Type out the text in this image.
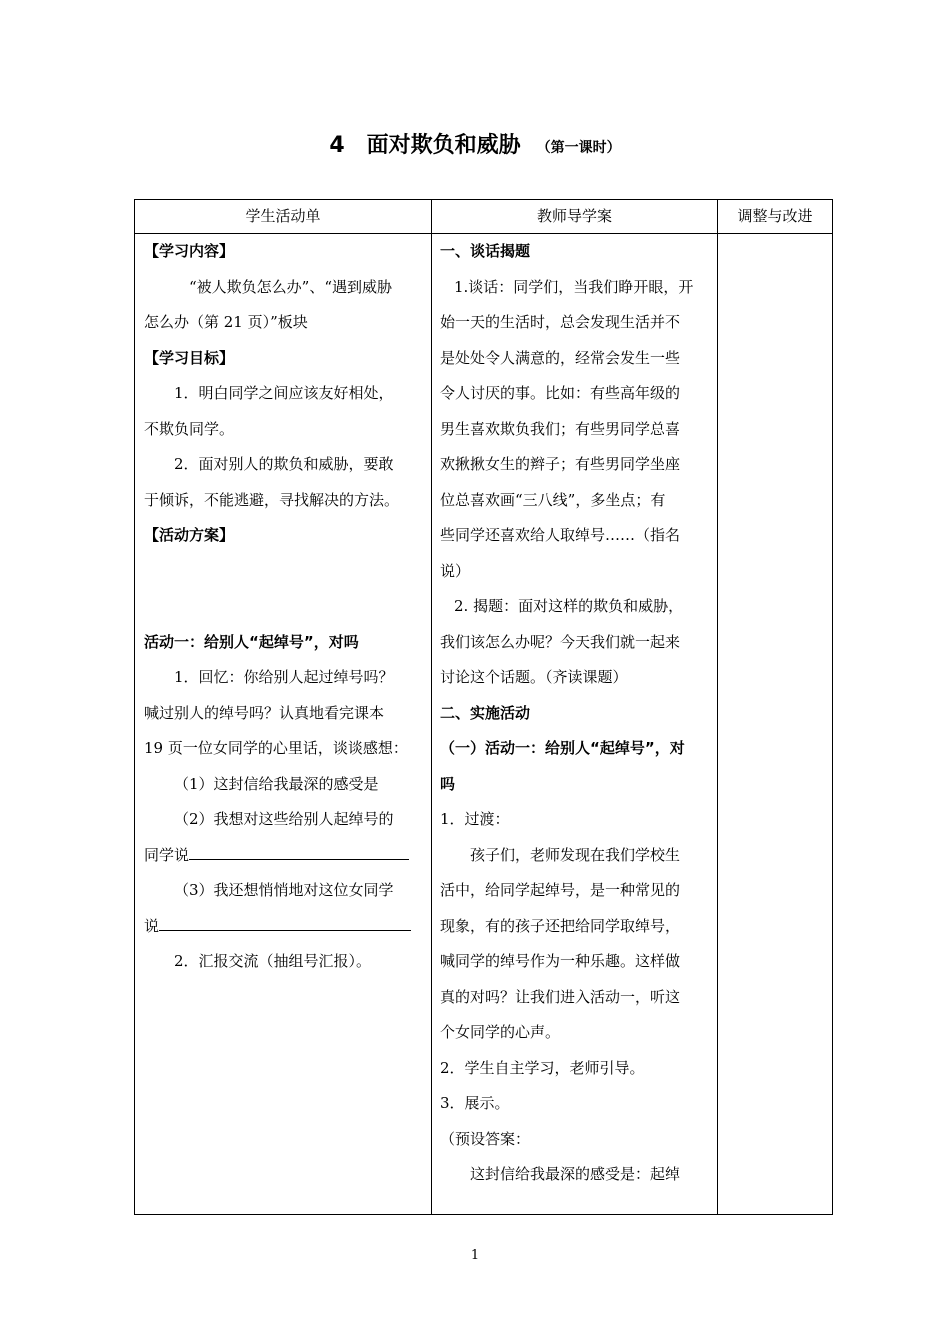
4 面对欺负和威胁 （第一课时）
学生活动单	教师导学案	调整与改进

【学习内容】

“被人欺负怎么办”、“遇到威胁

怎么办（第 21 页）”板块

【学习目标】

1．明白同学之间应该友好相处，

不欺负同学。

2．面对别人的欺负和威胁，要敢

于倾诉，不能逃避，寻找解决的方法。

【活动方案】

活动一：给别人“起绰号”，对吗

1．回忆：你给别人起过绰号吗？

喊过别人的绰号吗？认真地看完课本

19 页一位女同学的心里话，谈谈感想：

（1）这封信给我最深的感受是

（2）我想对这些给别人起绰号的

同学说

（3）我还想悄悄地对这位女同学

说

2．汇报交流（抽组号汇报）。

一、谈话揭题

1.谈话：同学们，当我们睁开眼，开

始一天的生活时，总会发现生活并不

是处处令人满意的，经常会发生一些

令人讨厌的事。比如：有些高年级的

男生喜欢欺负我们；有些男同学总喜

欢揪揪女生的辫子；有些男同学坐座

位总喜欢画“三八线”，多坐点；有

些同学还喜欢给人取绰号……（指名

说）

2. 揭题：面对这样的欺负和威胁，

我们该怎么办呢？今天我们就一起来

讨论这个话题。（齐读课题）

二、实施活动

（一）活动一：给别人“起绰号”，对

吗

1．过渡：

孩子们，老师发现在我们学校生

活中，给同学起绰号，是一种常见的

现象，有的孩子还把给同学取绰号，

喊同学的绰号作为一种乐趣。这样做

真的对吗？让我们进入活动一，听这

个女同学的心声。

2．学生自主学习，老师引导。

3．展示。

（预设答案：

这封信给我最深的感受是：起绰

1
